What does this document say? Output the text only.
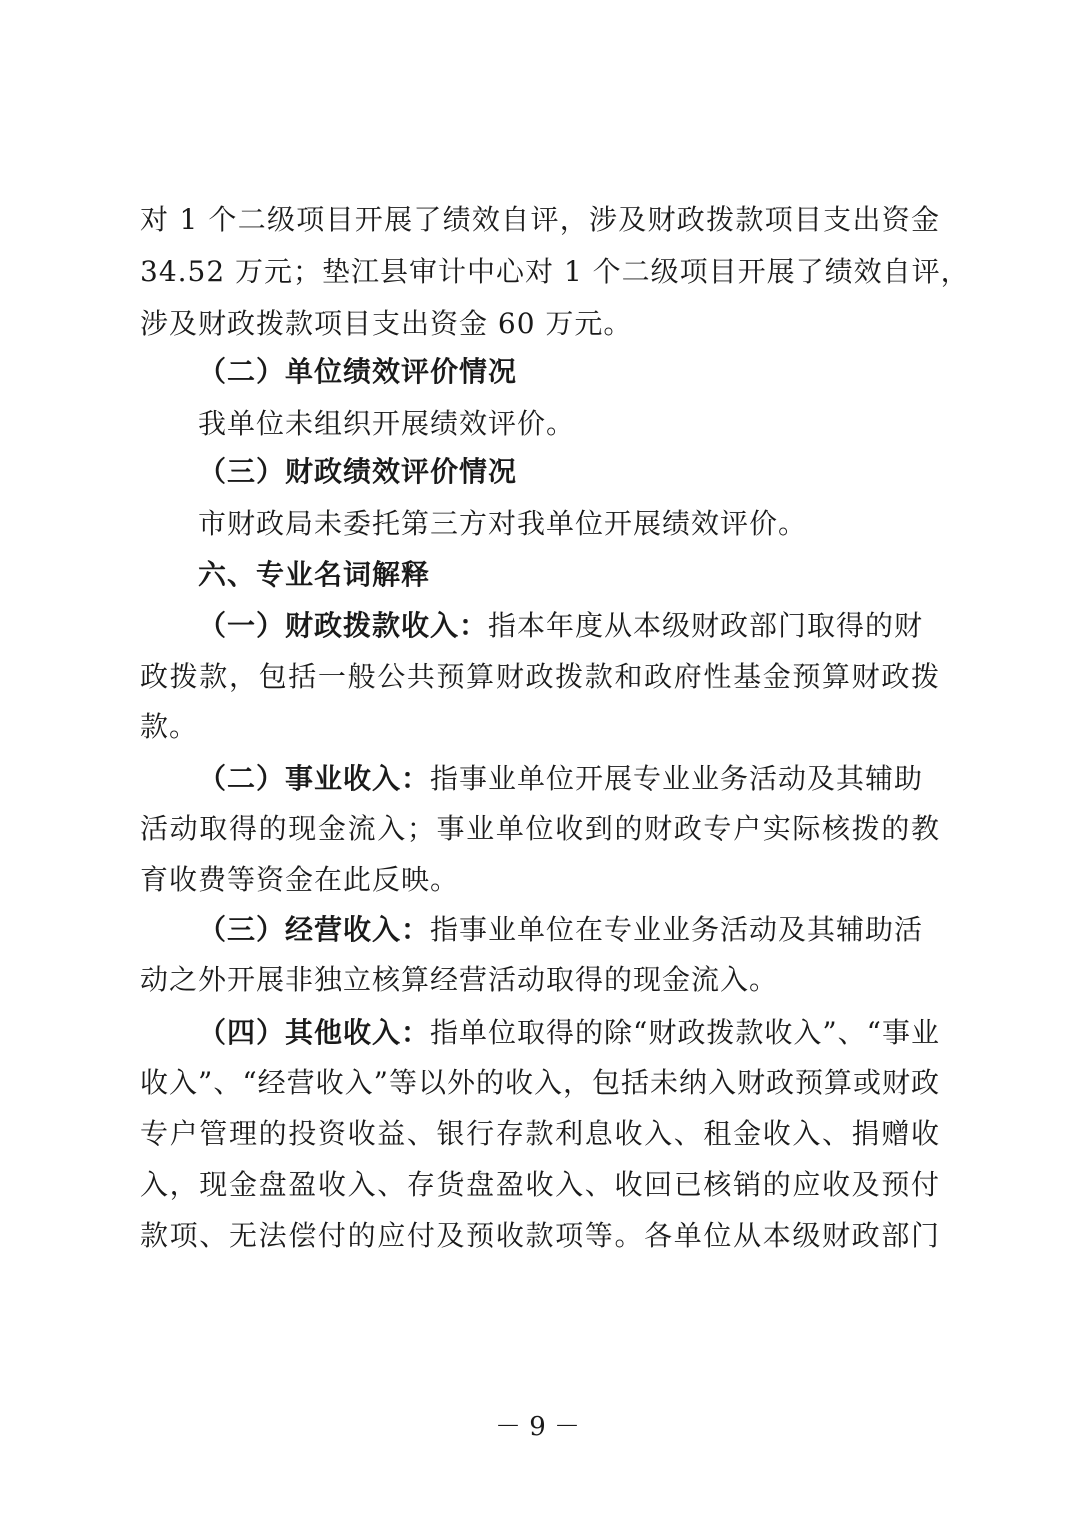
对 1 个二级项目开展了绩效自评，涉及财政拨款项目支出资金
34.52 万元；垫江县审计中心对 1 个二级项目开展了绩效自评，
涉及财政拨款项目支出资金 60 万元。
（二）单位绩效评价情况
我单位未组织开展绩效评价。
（三）财政绩效评价情况
市财政局未委托第三方对我单位开展绩效评价。
六、专业名词解释
（一）财政拨款收入：指本年度从本级财政部门取得的财
政拨款，包括一般公共预算财政拨款和政府性基金预算财政拨
款。
（二）事业收入：指事业单位开展专业业务活动及其辅助
活动取得的现金流入；事业单位收到的财政专户实际核拨的教
育收费等资金在此反映。
（三）经营收入：指事业单位在专业业务活动及其辅助活
动之外开展非独立核算经营活动取得的现金流入。
（四）其他收入：指单位取得的除“财政拨款收入”、“事业
收入”、“经营收入”等以外的收入，包括未纳入财政预算或财政
专户管理的投资收益、银行存款利息收入、租金收入、捐赠收
入，现金盘盈收入、存货盘盈收入、收回已核销的应收及预付
款项、无法偿付的应付及预收款项等。各单位从本级财政部门
－ 9 －
